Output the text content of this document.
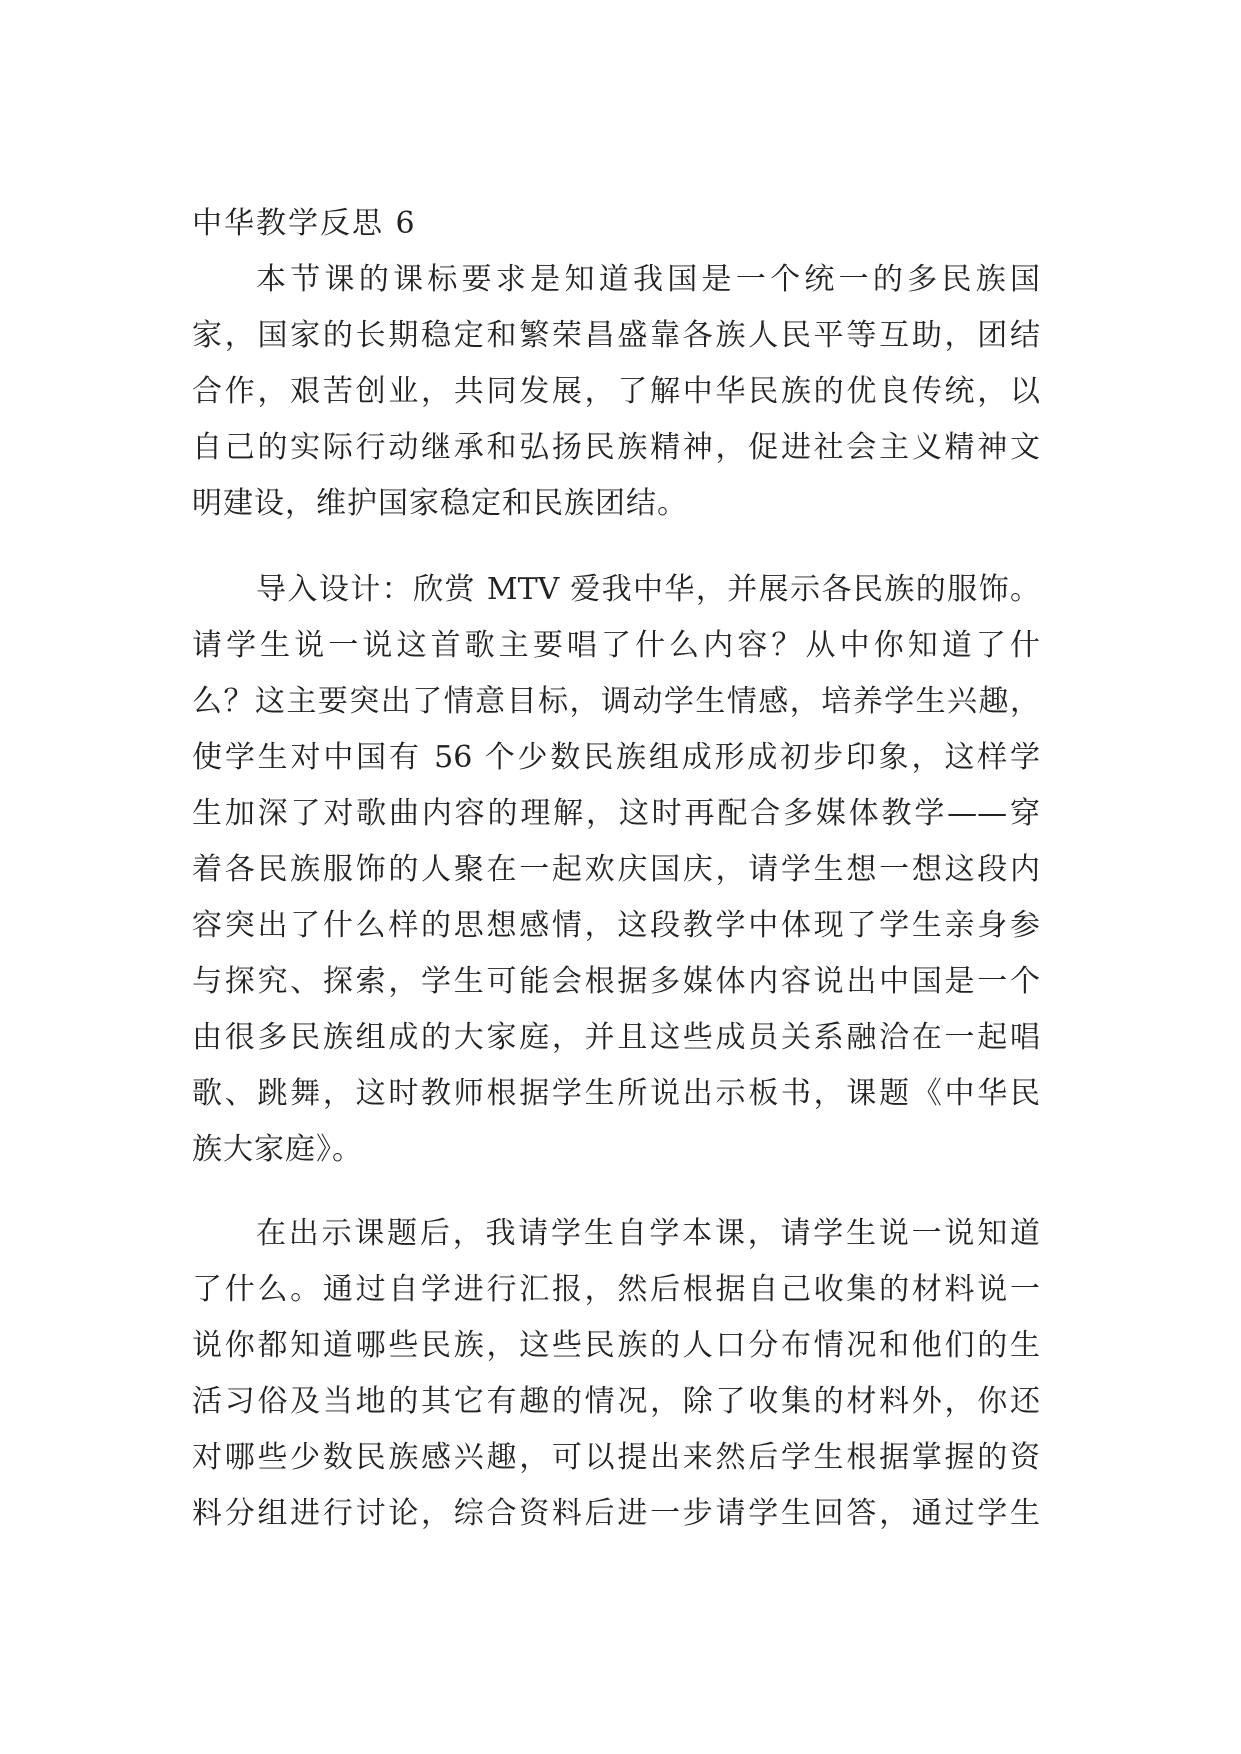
中华教学反思 6

本节课的课标要求是知道我国是一个统一的多民族国

家，国家的长期稳定和繁荣昌盛靠各族人民平等互助，团结

合作，艰苦创业，共同发展，了解中华民族的优良传统，以

自己的实际行动继承和弘扬民族精神，促进社会主义精神文

明建设，维护国家稳定和民族团结。

导入设计：欣赏 MTV 爱我中华，并展示各民族的服饰。

请学生说一说这首歌主要唱了什么内容？从中你知道了什

么？这主要突出了情意目标，调动学生情感，培养学生兴趣，

使学生对中国有 56 个少数民族组成形成初步印象，这样学

生加深了对歌曲内容的理解，这时再配合多媒体教学——穿

着各民族服饰的人聚在一起欢庆国庆，请学生想一想这段内

容突出了什么样的思想感情，这段教学中体现了学生亲身参

与探究、探索，学生可能会根据多媒体内容说出中国是一个

由很多民族组成的大家庭，并且这些成员关系融洽在一起唱

歌、跳舞，这时教师根据学生所说出示板书，课题《中华民

族大家庭》。

在出示课题后，我请学生自学本课，请学生说一说知道

了什么。通过自学进行汇报，然后根据自己收集的材料说一

说你都知道哪些民族，这些民族的人口分布情况和他们的生

活习俗及当地的其它有趣的情况，除了收集的材料外，你还

对哪些少数民族感兴趣，可以提出来然后学生根据掌握的资

料分组进行讨论，综合资料后进一步请学生回答，通过学生
